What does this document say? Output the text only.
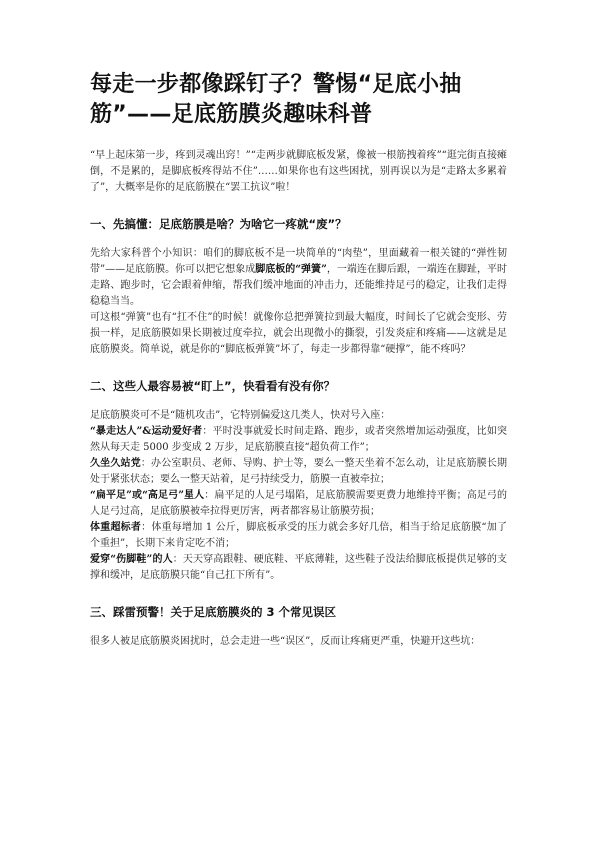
每走一步都像踩钉子？警惕“足底小抽筋”——足底筋膜炎趣味科普

“早上起床第一步，疼到灵魂出窍！”“走两步就脚底板发紧，像被一根筋拽着疼”“逛完街直接瘫倒，不是累的，是脚底板疼得站不住”……如果你也有这些困扰，别再误以为是“走路太多累着了”，大概率是你的足底筋膜在“罢工抗议”啦！

一、先搞懂：足底筋膜是啥？为啥它一疼就“废”？

先给大家科普个小知识：咱们的脚底板不是一块简单的“肉垫”，里面藏着一根关键的“弹性韧带”——足底筋膜。你可以把它想象成脚底板的“弹簧”，一端连在脚后跟，一端连在脚趾，平时走路、跑步时，它会跟着伸缩，帮我们缓冲地面的冲击力，还能维持足弓的稳定，让我们走得稳稳当当。

可这根“弹簧”也有“扛不住”的时候！就像你总把弹簧拉到最大幅度，时间长了它就会变形、劳损一样，足底筋膜如果长期被过度牵拉，就会出现微小的撕裂，引发炎症和疼痛——这就是足底筋膜炎。简单说，就是你的“脚底板弹簧”坏了，每走一步都得靠“硬撑”，能不疼吗？

二、这些人最容易被“盯上”，快看看有没有你？

足底筋膜炎可不是“随机攻击”，它特别偏爱这几类人，快对号入座：

“暴走达人”&运动爱好者：平时没事就爱长时间走路、跑步，或者突然增加运动强度，比如突然从每天走 5000 步变成 2 万步，足底筋膜直接“超负荷工作”；

久坐久站党：办公室职员、老师、导购、护士等，要么一整天坐着不怎么动，让足底筋膜长期处于紧张状态；要么一整天站着，足弓持续受力，筋膜一直被牵拉；

“扁平足”或“高足弓”星人：扁平足的人足弓塌陷，足底筋膜需要更费力地维持平衡；高足弓的人足弓过高，足底筋膜被牵拉得更厉害，两者都容易让筋膜劳损；

体重超标者：体重每增加 1 公斤，脚底板承受的压力就会多好几倍，相当于给足底筋膜“加了个重担”，长期下来肯定吃不消；

爱穿“伤脚鞋”的人：天天穿高跟鞋、硬底鞋、平底薄鞋，这些鞋子没法给脚底板提供足够的支撑和缓冲，足底筋膜只能“自己扛下所有”。

三、踩雷预警！关于足底筋膜炎的 3 个常见误区

很多人被足底筋膜炎困扰时，总会走进一些“误区”，反而让疼痛更严重，快避开这些坑：
